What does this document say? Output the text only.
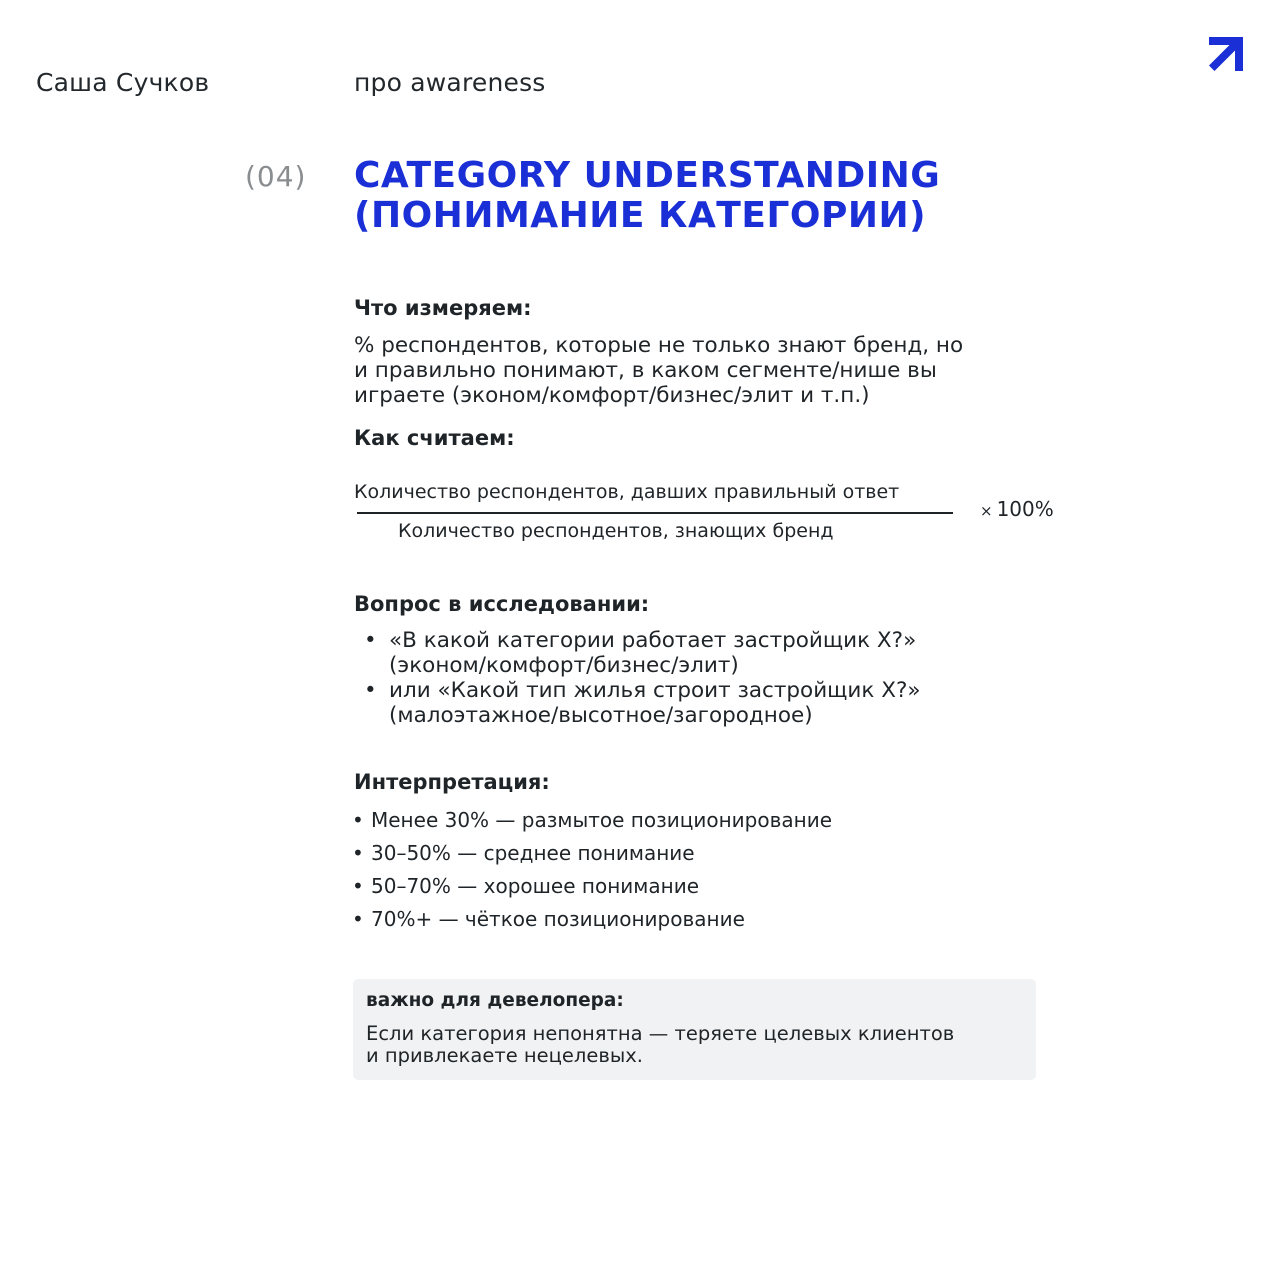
Саша Сучков	про awareness
(04) CATEGORY UNDERSTANDING
(ПОНИМАНИЕ КАТЕГОРИИ)
Что измеряем:
% респондентов, которые не только знают бренд, но
и правильно понимают, в каком сегменте/нише вы
играете (эконом/комфорт/бизнес/элит и т.п.)
Как считаем:
Количество респондентов, давших правильный ответ
Количество респондентов, знающих бренд
× 100%
Вопрос в исследовании:
• «В какой категории работает застройщик X?»
(эконом/комфорт/бизнес/элит)
• или «Какой тип жилья строит застройщик X?»
(малоэтажное/высотное/загородное)
Интерпретация:
• Менее 30% — размытое позиционирование
• 30–50% — среднее понимание
• 50–70% — хорошее понимание
• 70%+ — чёткое позиционирование
важно для девелопера:
Если категория непонятна — теряете целевых клиентов
и привлекаете нецелевых.
